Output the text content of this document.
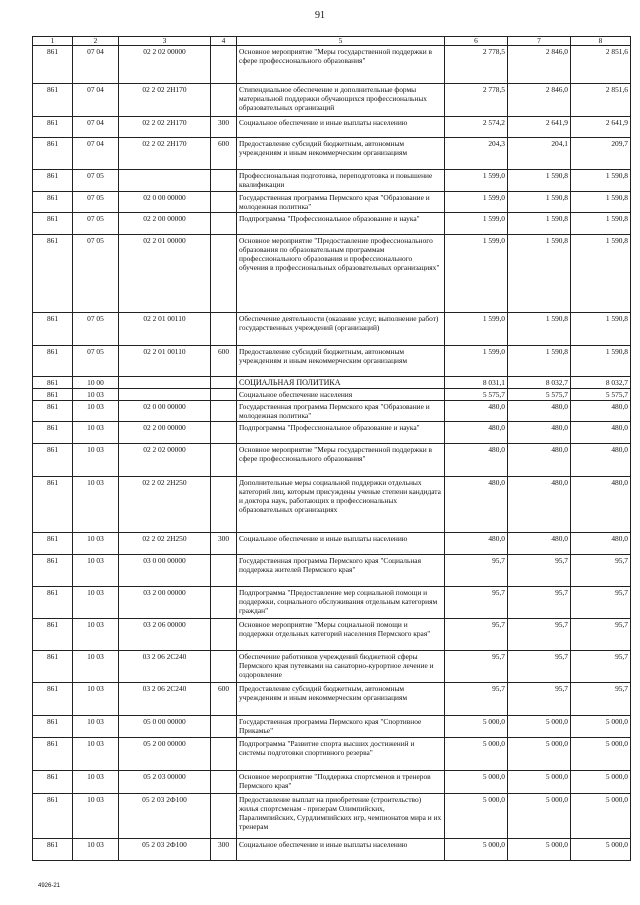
91
1	2	3	4	5	6	7	8
861	07 04	02 2 02 00000		Основное мероприятие "Меры государственной поддержки в сфере профессионального образования"	2 778,5	2 846,0	2 851,6
861	07 04	02 2 02 2Н170		Стипендиальное обеспечение и дополнительные формы материальной поддержки обучающихся профессиональных образовательных организаций	2 778,5	2 846,0	2 851,6
861	07 04	02 2 02 2Н170	300	Социальное обеспечение и иные выплаты населению	2 574,2	2 641,9	2 641,9
861	07 04	02 2 02 2Н170	600	Предоставление субсидий бюджетным, автономным учреждениям и иным некоммерческим организациям	204,3	204,1	209,7
861	07 05			Профессиональная подготовка, переподготовка и повышение квалификации	1 599,0	1 590,8	1 590,8
861	07 05	02 0 00 00000		Государственная программа Пермского края "Образование и молодежная политика"	1 599,0	1 590,8	1 590,8
861	07 05	02 2 00 00000		Подпрограмма "Профессиональное образование и наука"	1 599,0	1 590,8	1 590,8
861	07 05	02 2 01 00000		Основное мероприятие "Предоставление профессионального образования по образовательным программам профессионального образования и профессионального обучения в профессиональных образовательных организациях"	1 599,0	1 590,8	1 590,8
861	07 05	02 2 01 00110		Обеспечение деятельности (оказание услуг, выполнение работ) государственных учреждений (организаций)	1 599,0	1 590,8	1 590,8
861	07 05	02 2 01 00110	600	Предоставление субсидий бюджетным, автономным учреждениям и иным некоммерческим организациям	1 599,0	1 590,8	1 590,8
861	10 00			СОЦИАЛЬНАЯ ПОЛИТИКА	8 031,1	8 032,7	8 032,7
861	10 03			Социальное обеспечение населения	5 575,7	5 575,7	5 575,7
861	10 03	02 0 00 00000		Государственная программа Пермского края "Образование и молодежная политика"	480,0	480,0	480,0
861	10 03	02 2 00 00000		Подпрограмма "Профессиональное образование и наука"	480,0	480,0	480,0
861	10 03	02 2 02 00000		Основное мероприятие "Меры государственной поддержки в сфере профессионального образования"	480,0	480,0	480,0
861	10 03	02 2 02 2Н250		Дополнительные меры социальной поддержки отдельных категорий лиц, которым присуждены ученые степени кандидата и доктора наук, работающих в профессиональных образовательных организациях	480,0	480,0	480,0
861	10 03	02 2 02 2Н250	300	Социальное обеспечение и иные выплаты населению	480,0	480,0	480,0
861	10 03	03 0 00 00000		Государственная программа Пермского края "Социальная поддержка жителей Пермского края"	95,7	95,7	95,7
861	10 03	03 2 00 00000		Подпрограмма "Предоставление мер социальной помощи и поддержки, социального обслуживания отдельным категориям граждан"	95,7	95,7	95,7
861	10 03	03 2 06 00000		Основное мероприятие "Меры социальной помощи и поддержки отдельных категорий населения Пермского края"	95,7	95,7	95,7
861	10 03	03 2 06 2С240		Обеспечение работников учреждений бюджетной сферы Пермского края путевками на санаторно-курортное лечение и оздоровление	95,7	95,7	95,7
861	10 03	03 2 06 2С240	600	Предоставление субсидий бюджетным, автономным учреждениям и иным некоммерческим организациям	95,7	95,7	95,7
861	10 03	05 0 00 00000		Государственная программа Пермского края "Спортивное Прикамье"	5 000,0	5 000,0	5 000,0
861	10 03	05 2 00 00000		Подпрограмма "Развитие спорта высших достижений и системы подготовки спортивного резерва"	5 000,0	5 000,0	5 000,0
861	10 03	05 2 03 00000		Основное мероприятие "Поддержка спортсменов и тренеров Пермского края"	5 000,0	5 000,0	5 000,0
861	10 03	05 2 03 2Ф100		Предоставление выплат на приобретение (строительство) жилья спортсменам - призерам Олимпийских, Паралимпийских, Сурдлимпийских игр, чемпионатов мира и их тренерам	5 000,0	5 000,0	5 000,0
861	10 03	05 2 03 2Ф100	300	Социальное обеспечение и иные выплаты населению	5 000,0	5 000,0	5 000,0
4926-21
